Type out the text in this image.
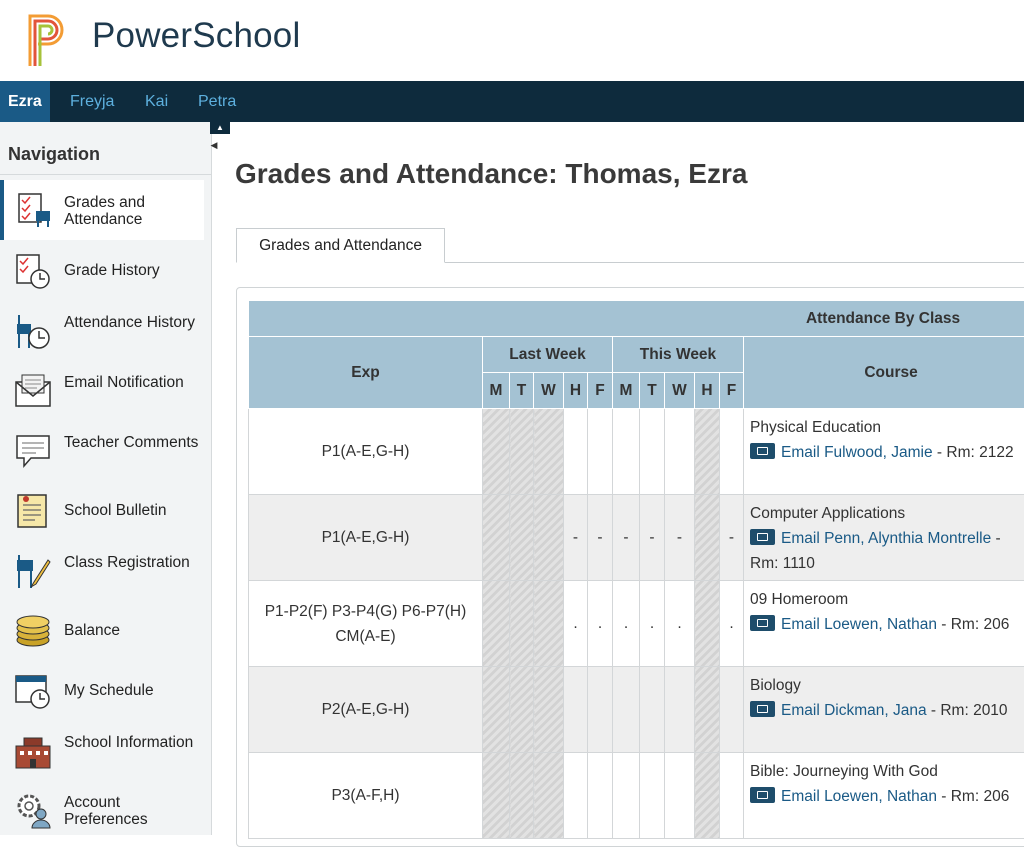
PowerSchool
Ezra	Freyja	Kai	Petra
Navigation
Grades and Attendance
Grade History
Attendance History
Email Notification
Teacher Comments
School Bulletin
Class Registration
Balance
My Schedule
School Information
Account Preferences
▲
◀
Grades and Attendance: Thomas, Ezra
Grades and Attendance
Attendance By Class											
Exp	Last Week					This Week					Course
	M	T	W	H	F	M	T	W	H	F	
P1(A-E,G-H)											Physical Education
Email Fulwood, Jamie - Rm: 2122
P1(A-E,G-H)				-	-	-	-	-		-	Computer Applications
Email Penn, Alynthia Montrelle - Rm: 1110
P1-P2(F) P3-P4(G) P6-P7(H) CM(A-E)				.	.	.	.	.		.	09 Homeroom
Email Loewen, Nathan - Rm: 206
P2(A-E,G-H)											Biology
Email Dickman, Jana - Rm: 2010
P3(A-F,H)											Bible: Journeying With God
Email Loewen, Nathan - Rm: 206
